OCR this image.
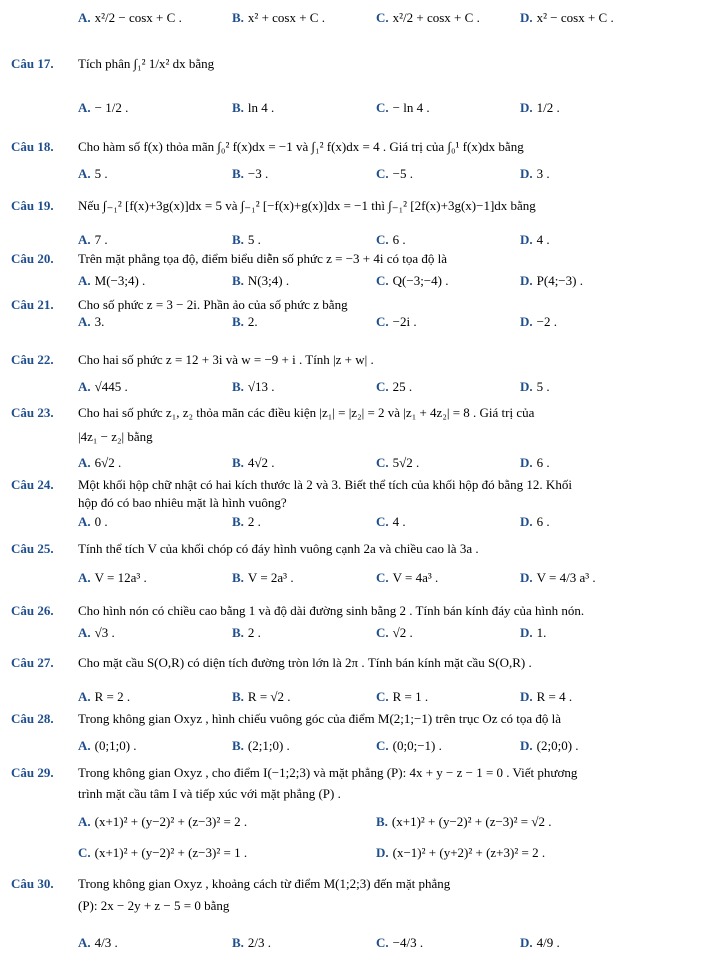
A. x²/2 − cosx + C .	B. x² + cosx + C .	C. x²/2 + cosx + C .	D. x² − cosx + C .
Câu 17. Tích phân ∫₁² 1/x² dx bằng
A. − 1/2 .	B. ln 4 .	C. − ln 4 .	D. 1/2 .
Câu 18. Cho hàm số f(x) thỏa mãn ∫₀² f(x)dx = −1 và ∫₁² f(x)dx = 4 . Giá trị của ∫₀¹ f(x)dx bằng
A. 5 .	B. −3 .	C. −5 .	D. 3 .
Câu 19. Nếu ∫₋₁² [f(x)+3g(x)]dx = 5 và ∫₋₁² [−f(x)+g(x)]dx = −1 thì ∫₋₁² [2f(x)+3g(x)−1]dx bằng
A. 7 .	B. 5 .	C. 6 .	D. 4 .
Câu 20. Trên mặt phẳng tọa độ, điểm biểu diễn số phức z = −3 + 4i có tọa độ là
A. M(−3;4) .	B. N(3;4) .	C. Q(−3;−4) .	D. P(4;−3) .
Câu 21. Cho số phức z = 3 − 2i. Phần ảo của số phức z bằng
A. 3.	B. 2.	C. −2i .	D. −2 .
Câu 22. Cho hai số phức z = 12 + 3i và w = −9 + i . Tính |z + w| .
A. √445 .	B. √13 .	C. 25 .	D. 5 .
Câu 23. Cho hai số phức z₁, z₂ thỏa mãn các điều kiện |z₁| = |z₂| = 2 và |z₁ + 4z₂| = 8 . Giá trị của
|4z₁ − z₂| bằng
A. 6√2 .	B. 4√2 .	C. 5√2 .	D. 6 .
Câu 24. Một khối hộp chữ nhật có hai kích thước là 2 và 3. Biết thể tích của khối hộp đó bằng 12. Khối
hộp đó có bao nhiêu mặt là hình vuông?
A. 0 .	B. 2 .	C. 4 .	D. 6 .
Câu 25. Tính thể tích V của khối chóp có đáy hình vuông cạnh 2a và chiều cao là 3a .
A. V = 12a³ .	B. V = 2a³ .	C. V = 4a³ .	D. V = 4/3 a³ .
Câu 26. Cho hình nón có chiều cao bằng 1 và độ dài đường sinh bằng 2 . Tính bán kính đáy của hình nón.
A. √3 .	B. 2 .	C. √2 .	D. 1.
Câu 27. Cho mặt cầu S(O,R) có diện tích đường tròn lớn là 2π . Tính bán kính mặt cầu S(O,R) .
A. R = 2 .	B. R = √2 .	C. R = 1 .	D. R = 4 .
Câu 28. Trong không gian Oxyz , hình chiếu vuông góc của điểm M(2;1;−1) trên trục Oz có tọa độ là
A. (0;1;0) .	B. (2;1;0) .	C. (0;0;−1) .	D. (2;0;0) .
Câu 29. Trong không gian Oxyz , cho điểm I(−1;2;3) và mặt phẳng (P): 4x + y − z − 1 = 0 . Viết phương
trình mặt cầu tâm I và tiếp xúc với mặt phẳng (P) .
A. (x+1)² + (y−2)² + (z−3)² = 2 .	B. (x+1)² + (y−2)² + (z−3)² = √2 .
C. (x+1)² + (y−2)² + (z−3)² = 1 .	D. (x−1)² + (y+2)² + (z+3)² = 2 .
Câu 30. Trong không gian Oxyz , khoảng cách từ điểm M(1;2;3) đến mặt phẳng
(P): 2x − 2y + z − 5 = 0 bằng
A. 4/3 .	B. 2/3 .	C. −4/3 .	D. 4/9 .
